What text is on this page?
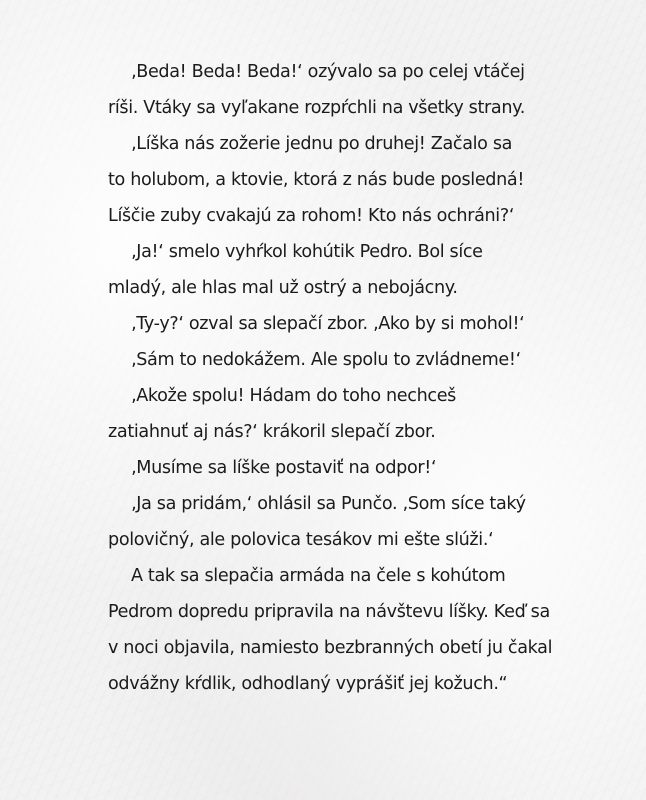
‚Beda! Beda! Beda!‘ ozývalo sa po celej vtáčej
ríši. Vtáky sa vyľakane rozpŕchli na všetky strany.
‚Líška nás zožerie jednu po druhej! Začalo sa
to holubom, a ktovie, ktorá z nás bude posledná!
Líščie zuby cvakajú za rohom! Kto nás ochráni?‘
‚Ja!‘ smelo vyhŕkol kohútik Pedro. Bol síce
mladý, ale hlas mal už ostrý a nebojácny.
‚Ty-y?‘ ozval sa slepačí zbor. ‚Ako by si mohol!‘
‚Sám to nedokážem. Ale spolu to zvládneme!‘
‚Akože spolu! Hádam do toho nechceš
zatiahnuť aj nás?‘ krákoril slepačí zbor.
‚Musíme sa líške postaviť na odpor!‘
‚Ja sa pridám,‘ ohlásil sa Punčo. ‚Som síce taký
polovičný, ale polovica tesákov mi ešte slúži.‘
A tak sa slepačia armáda na čele s kohútom
Pedrom dopredu pripravila na návštevu líšky. Keď sa
v noci objavila, namiesto bezbranných obetí ju čakal
odvážny kŕdlik, odhodlaný vyprášiť jej kožuch.“
